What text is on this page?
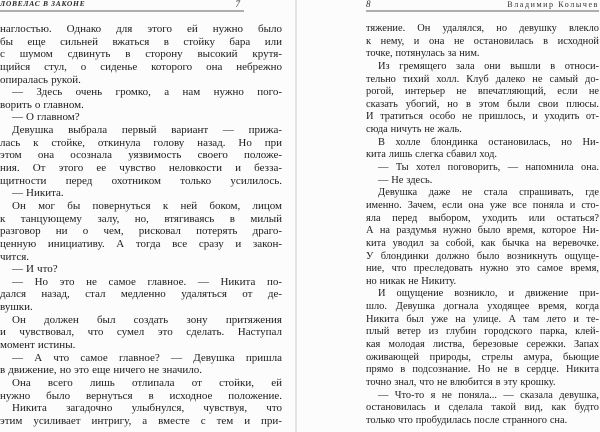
ЛОВЕЛАС В ЗАКОНЕ	7
наглостью. Однако для этого ей нужно было
бы еще сильней вжаться в стойку бара или
с шумом сдвинуть в сторону высокий крутя-
щийся стул, о сиденье которого она небрежно
опиралась рукой.
— Здесь очень громко, а нам нужно пого-
ворить о главном.
— О главном?
Девушка выбрала первый вариант — прижа-
лась к стойке, откинула голову назад. Но при
этом она осознала уязвимость своего положе-
ния. От этого ее чувство неловкости и безза-
щитности перед охотником только усилилось.
— Никита.
Он мог бы повернуться к ней боком, лицом
к танцующему залу, но, втягиваясь в милый
разговор ни о чем, рисковал потерять драго-
ценную инициативу. А тогда все сразу и закон-
чится.
— И что?
— Но это не самое главное. — Никита по-
дался назад, стал медленно удаляться от де-
вушки.
Он должен был создать зону притяжения
и чувствовал, что сумел это сделать. Наступал
момент истины.
— А что самое главное? — Девушка пришла
в движение, но это еще ничего не значило.
Она всего лишь отлипала от стойки, ей
нужно было вернуться в исходное положение.
Никита загадочно улыбнулся, чувствуя, что
этим усиливает интригу, а вместе с тем и при-
8	Владимир Колычев
тяжение. Он удалялся, но девушку влекло
к нему, и она не остановилась в исходной
точке, потянулась за ним.
Из гремящего зала они вышли в относи-
тельно тихий холл. Клуб далеко не самый до-
рогой, интерьер не впечатляющий, если не
сказать убогий, но в этом были свои плюсы.
И тратиться особо не пришлось, и уходить от-
сюда ничуть не жаль.
В холле блондинка остановилась, но Ни-
кита лишь слегка сбавил ход.
— Ты хотел поговорить, — напомнила она.
— Не здесь.
Девушка даже не стала спрашивать, где
именно. Зачем, если она уже все поняла и сто-
яла перед выбором, уходить или остаться?
А на раздумья нужно было время, которое Ни-
кита уводил за собой, как бычка на веревочке.
У блондинки должно было возникнуть ощуще-
ние, что преследовать нужно это самое время,
но никак не Никиту.
И ощущение возникло, и движение при-
шло. Девушка догнала уходящее время, когда
Никита был уже на улице. А там лето и те-
плый ветер из глубин городского парка, клей-
кая молодая листва, березовые сережки. Запах
оживающей природы, стрелы амура, бьющие
прямо в подсознание. Но не в сердце. Никита
точно знал, что не влюбится в эту крошку.
— Что-то я не поняла... — сказала девушка,
остановилась и сделала такой вид, как будто
только что пробудилась после странного сна.
